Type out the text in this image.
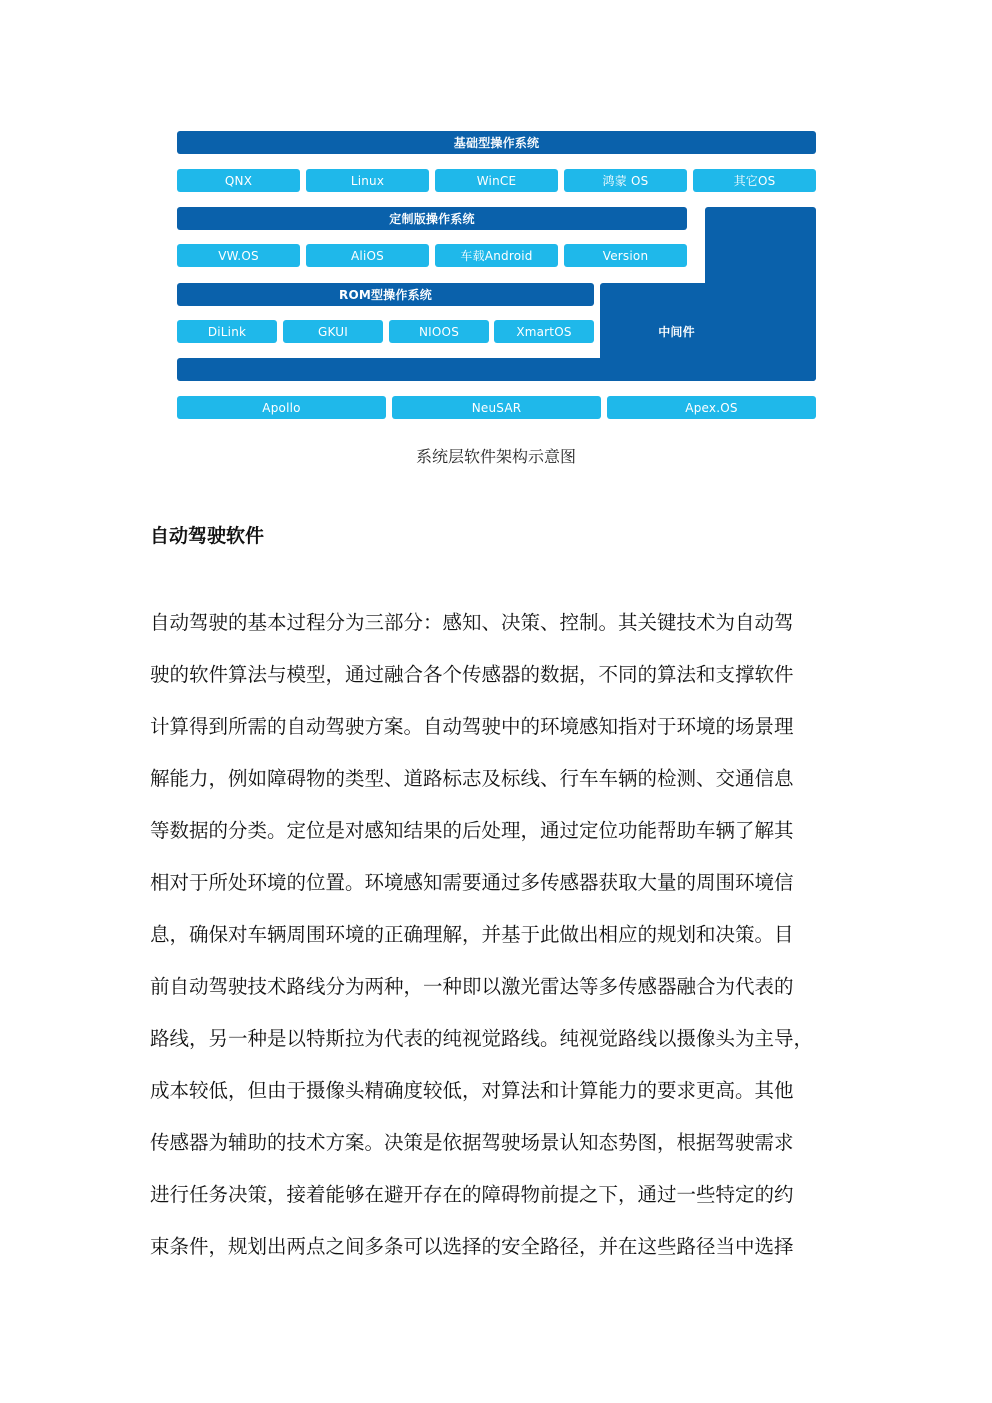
基础型操作系统
QNX	Linux	WinCE	鸿蒙 OS	其它OS
定制版操作系统
VW.OS	AliOS	车载Android	Version
中间件
ROM型操作系统
DiLink	GKUI	NIOOS	XmartOS
Apollo	NeuSAR	Apex.OS
系统层软件架构示意图
自动驾驶软件
自动驾驶的基本过程分为三部分：感知、决策、控制。其关键技术为自动驾
驶的软件算法与模型，通过融合各个传感器的数据，不同的算法和支撑软件
计算得到所需的自动驾驶方案。自动驾驶中的环境感知指对于环境的场景理
解能力，例如障碍物的类型、道路标志及标线、行车车辆的检测、交通信息
等数据的分类。定位是对感知结果的后处理，通过定位功能帮助车辆了解其
相对于所处环境的位置。环境感知需要通过多传感器获取大量的周围环境信
息，确保对车辆周围环境的正确理解，并基于此做出相应的规划和决策。目
前自动驾驶技术路线分为两种，一种即以激光雷达等多传感器融合为代表的
路线，另一种是以特斯拉为代表的纯视觉路线。纯视觉路线以摄像头为主导，
成本较低，但由于摄像头精确度较低，对算法和计算能力的要求更高。其他
传感器为辅助的技术方案。决策是依据驾驶场景认知态势图，根据驾驶需求
进行任务决策，接着能够在避开存在的障碍物前提之下，通过一些特定的约
束条件，规划出两点之间多条可以选择的安全路径，并在这些路径当中选择
